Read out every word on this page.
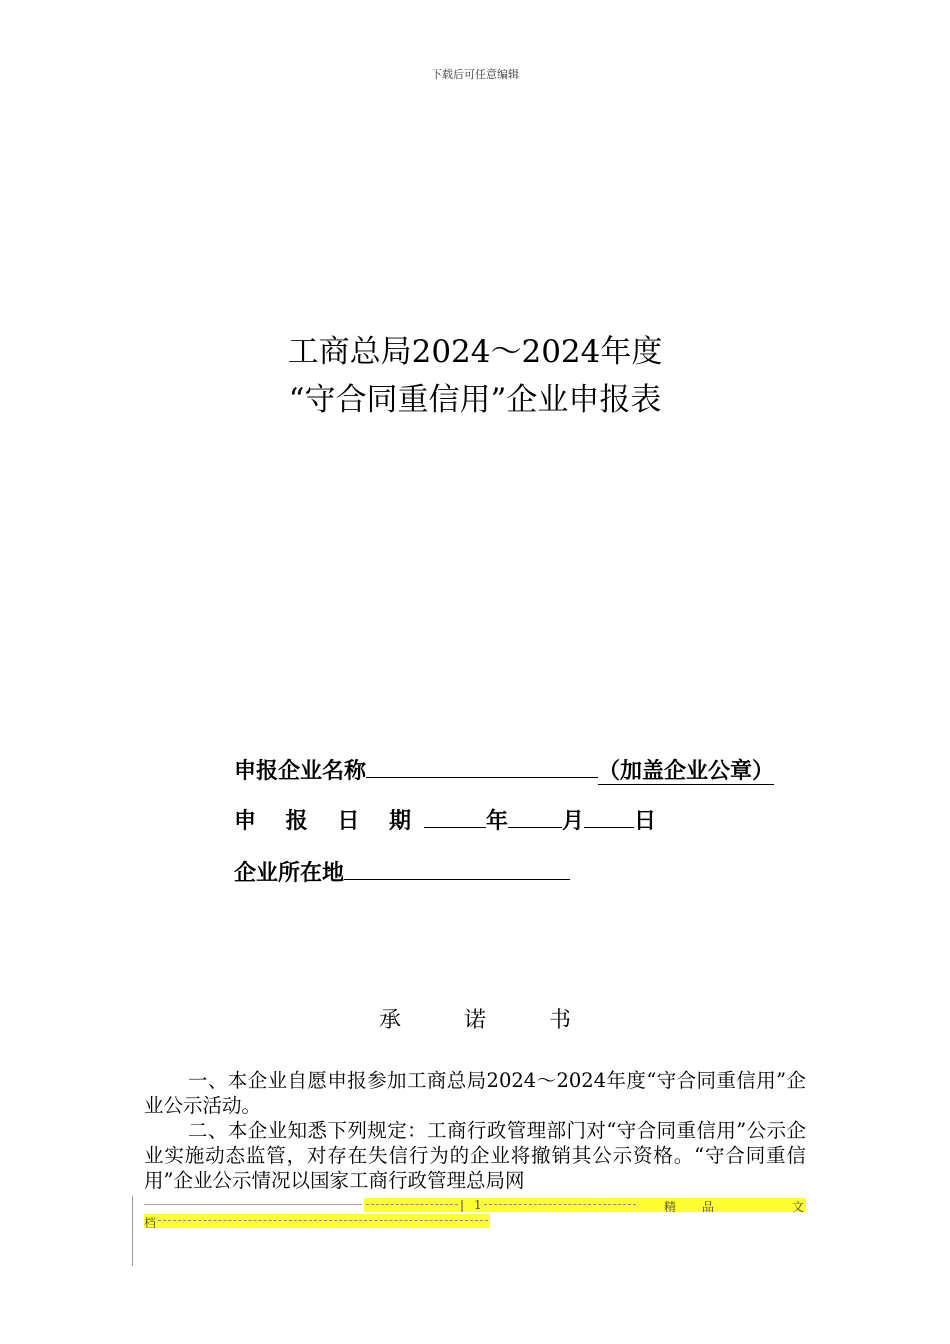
下载后可任意编辑
工商总局2024～2024年度
“守合同重信用”企业申报表
申报企业名称	（加盖企业公章）
申 报 日 期	年 月 日
企业所在地
承 诺 书
一、本企业自愿申报参加工商总局2024～2024年度“守合同重信用”企业公示活动。
二、本企业知悉下列规定：工商行政管理部门对“守合同重信用”公示企业实施动态监管，对存在失信行为的企业将撤销其公示资格。“守合同重信用”企业公示情况以国家工商行政管理总局网
| 1	精 品	文
档
